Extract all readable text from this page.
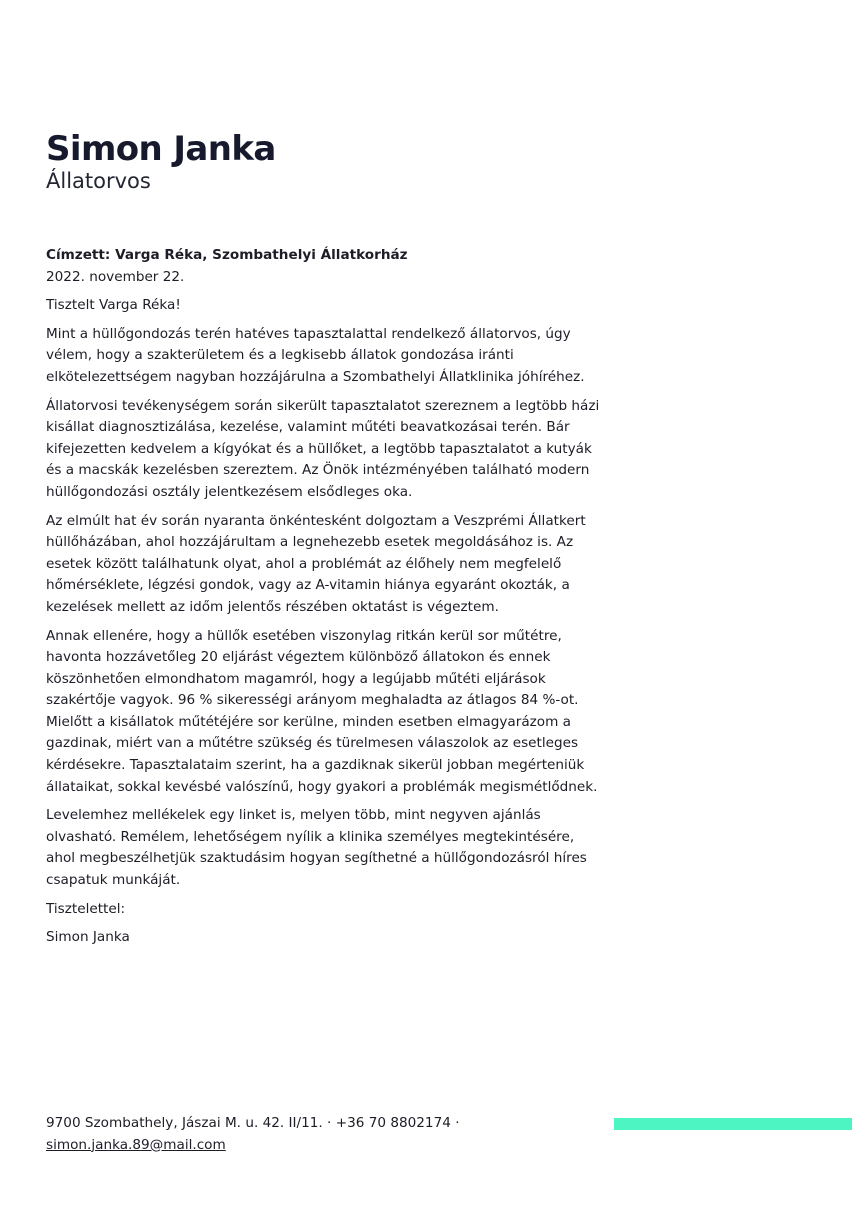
Simon Janka
Állatorvos

Címzett: Varga Réka, Szombathelyi Állatkorház

2022. november 22.

Tisztelt Varga Réka!

Mint a hüllőgondozás terén hatéves tapasztalattal rendelkező állatorvos, úgy vélem, hogy a szakterületem és a legkisebb állatok gondozása iránti elkötelezettségem nagyban hozzájárulna a Szombathelyi Állatklinika jóhíréhez.

Állatorvosi tevékenységem során sikerült tapasztalatot szereznem a legtöbb házi kisállat diagnosztizálása, kezelése, valamint műtéti beavatkozásai terén. Bár kifejezetten kedvelem a kígyókat és a hüllőket, a legtöbb tapasztalatot a kutyák és a macskák kezelésben szereztem. Az Önök intézményében található modern hüllőgondozási osztály jelentkezésem elsődleges oka.

Az elmúlt hat év során nyaranta önkéntesként dolgoztam a Veszprémi Állatkert hüllőházában, ahol hozzájárultam a legnehezebb esetek megoldásához is. Az esetek között találhatunk olyat, ahol a problémát az élőhely nem megfelelő hőmérséklete, légzési gondok, vagy az A-vitamin hiánya egyaránt okozták, a kezelések mellett az időm jelentős részében oktatást is végeztem.

Annak ellenére, hogy a hüllők esetében viszonylag ritkán kerül sor műtétre, havonta hozzávetőleg 20 eljárást végeztem különböző állatokon és ennek köszönhetően elmondhatom magamról, hogy a legújabb műtéti eljárások szakértője vagyok. 96 % sikerességi arányom meghaladta az átlagos 84 %-ot. Mielőtt a kisállatok műtétéjére sor kerülne, minden esetben elmagyarázom a gazdinak, miért van a műtétre szükség és türelmesen válaszolok az esetleges kérdésekre. Tapasztalataim szerint, ha a gazdiknak sikerül jobban megérteniük állataikat, sokkal kevésbé valószínű, hogy gyakori a problémák megismétlődnek.

Levelemhez mellékelek egy linket is, melyen több, mint negyven ajánlás olvasható. Remélem, lehetőségem nyílik a klinika személyes megtekintésére, ahol megbeszélhetjük szaktudásim hogyan segíthetné a hüllőgondozásról híres csapatuk munkáját.

Tisztelettel:

Simon Janka

9700 Szombathely, Jászai M. u. 42. II/11. · +36 70 8802174 ·
simon.janka.89@mail.com
